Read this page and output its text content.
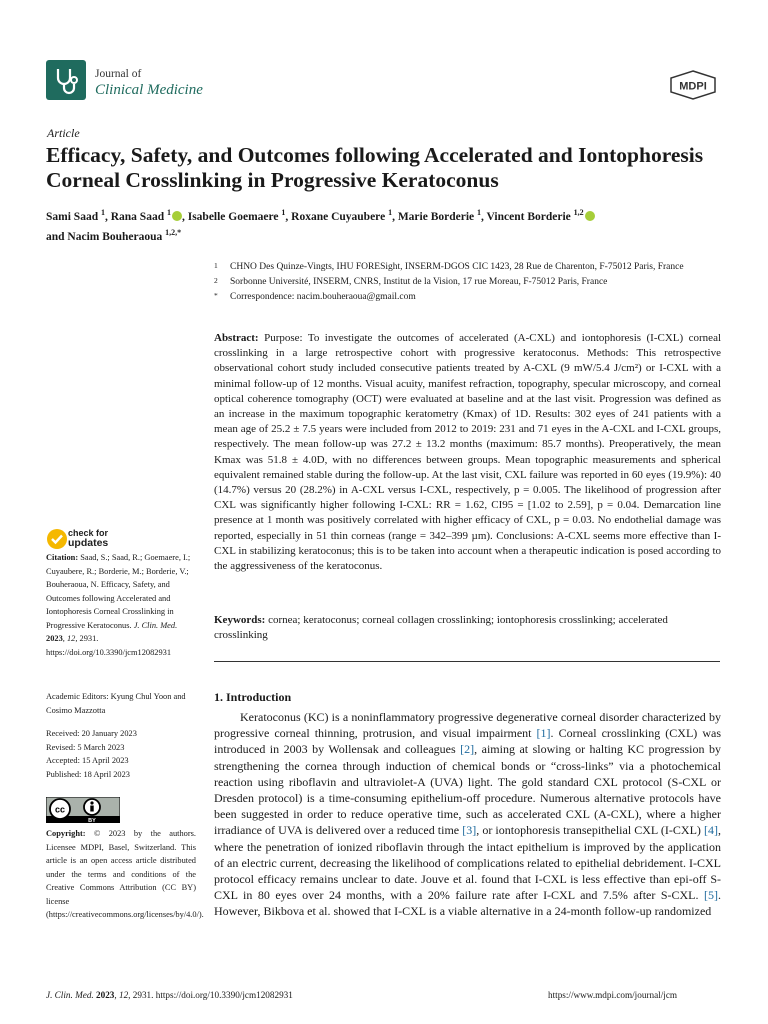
Journal of
Clinical Medicine	MDPI
Article
Efficacy, Safety, and Outcomes following Accelerated and Iontophoresis Corneal Crosslinking in Progressive Keratoconus
Sami Saad $^1$, Rana Saad $^1$ , Isabelle Goemaere $^1$, Roxane Cuyaubere $^1$, Marie Borderie $^1$, Vincent Borderie $^{1,2}$
and Nacim Bouheraoua $^{1,2,*}$
1 CHNO Des Quinze-Vingts, IHU FORESight, INSERM-DGOS CIC 1423, 28 Rue de Charenton, F-75012 Paris, France
2 Sorbonne Université, INSERM, CNRS, Institut de la Vision, 17 rue Moreau, F-75012 Paris, France
* Correspondence: nacim.bouheraoua@gmail.com
Abstract: Purpose: To investigate the outcomes of accelerated (A-CXL) and iontophoresis (I-CXL) corneal crosslinking in a large retrospective cohort with progressive keratoconus. Methods: This retrospective observational cohort study included consecutive patients treated by A-CXL (9 mW/5.4 J/cm²) or I-CXL with a minimal follow-up of 12 months. Visual acuity, manifest refraction, topography, specular microscopy, and corneal optical coherence tomography (OCT) were evaluated at baseline and at the last visit. Progression was defined as an increase in the maximum topographic keratometry (Kmax) of 1D. Results: 302 eyes of 241 patients with a mean age of 25.2 ± 7.5 years were included from 2012 to 2019: 231 and 71 eyes in the A-CXL and I-CXL groups, respectively. The mean follow-up was 27.2 ± 13.2 months (maximum: 85.7 months). Preoperatively, the mean Kmax was 51.8 ± 4.0D, with no differences between groups. Mean topographic measurements and spherical equivalent remained stable during the follow-up. At the last visit, CXL failure was reported in 60 eyes (19.9%): 40 (14.7%) versus 20 (28.2%) in A-CXL versus I-CXL, respectively, p = 0.005. The likelihood of progression after CXL was significantly higher following I-CXL: RR = 1.62, CI95 = [1.02 to 2.59], p = 0.04. Demarcation line presence at 1 month was positively correlated with higher efficacy of CXL, p = 0.03. No endothelial damage was reported, especially in 51 thin corneas (range = 342–399 µm). Conclusions: A-CXL seems more effective than I-CXL in stabilizing keratoconus; this is to be taken into account when a therapeutic indication is posed according to the aggressiveness of the keratoconus.
Keywords: cornea; keratoconus; corneal collagen crosslinking; iontophoresis crosslinking; accelerated crosslinking
1. Introduction

Keratoconus (KC) is a noninflammatory progressive degenerative corneal disorder characterized by progressive corneal thinning, protrusion, and visual impairment [1]. Corneal crosslinking (CXL) was introduced in 2003 by Wollensak and colleagues [2], aiming at slowing or halting KC progression by strengthening the cornea through induction of chemical bonds or “cross-links” via a photochemical reaction using riboflavin and ultraviolet-A (UVA) light. The gold standard CXL protocol (S-CXL or Dresden protocol) is a time-consuming epithelium-off procedure. Numerous alternative protocols have been suggested in order to reduce operative time, such as accelerated CXL (A-CXL), where a higher irradiance of UVA is delivered over a reduced time [3], or iontophoresis transepithelial CXL (I-CXL) [4], where the penetration of ionized riboflavin through the intact epithelium is improved by the application of an electric current, decreasing the likelihood of complications related to epithelial debridement. I-CXL protocol efficacy remains unclear to date. Jouve et al. found that I-CXL is less effective than epi-off S-CXL in 80 eyes over 24 months, with a 20% failure rate after I-CXL and 7.5% after S-CXL. [5]. However, Bikbova et al. showed that I-CXL is a viable alternative in a 24-month follow-up randomized

check for
updates
Citation: Saad, S.; Saad, R.; Goemaere, I.; Cuyaubere, R.; Borderie, M.; Borderie, V.; Bouheraoua, N. Efficacy, Safety, and Outcomes following Accelerated and Iontophoresis Corneal Crosslinking in Progressive Keratoconus. J. Clin. Med. 2023, 12, 2931. https://doi.org/10.3390/jcm12082931
Academic Editors: Kyung Chul Yoon and Cosimo Mazzotta
Received: 20 January 2023
Revised: 5 March 2023
Accepted: 15 April 2023
Published: 18 April 2023
cc
BY
Copyright: © 2023 by the authors. Licensee MDPI, Basel, Switzerland. This article is an open access article distributed under the terms and conditions of the Creative Commons Attribution (CC BY) license (https://creativecommons.org/licenses/by/4.0/).
J. Clin. Med. 2023, 12, 2931. https://doi.org/10.3390/jcm12082931	https://www.mdpi.com/journal/jcm
